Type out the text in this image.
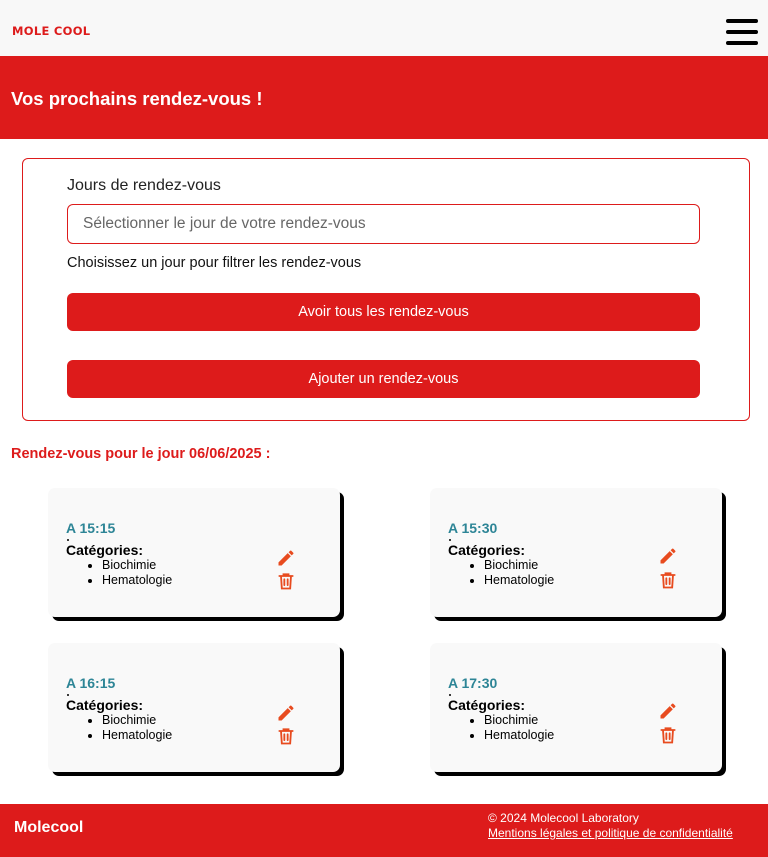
MOLE COOL
Vos prochains rendez-vous !
Jours de rendez-vous
Sélectionner le jour de votre rendez-vous

Choisissez un jour pour filtrer les rendez-vous

Avoir tous les rendez-vous
Ajouter un rendez-vous
Rendez-vous pour le jour 06/06/2025 :
A 15:15
Catégories:
• Biochimie
• Hematologie
A 15:30
Catégories:
• Biochimie
• Hematologie
A 16:15
Catégories:
• Biochimie
• Hematologie
A 17:30
Catégories:
• Biochimie
• Hematologie
Molecool
© 2024 Molecool Laboratory
Mentions légales et politique de confidentialité
